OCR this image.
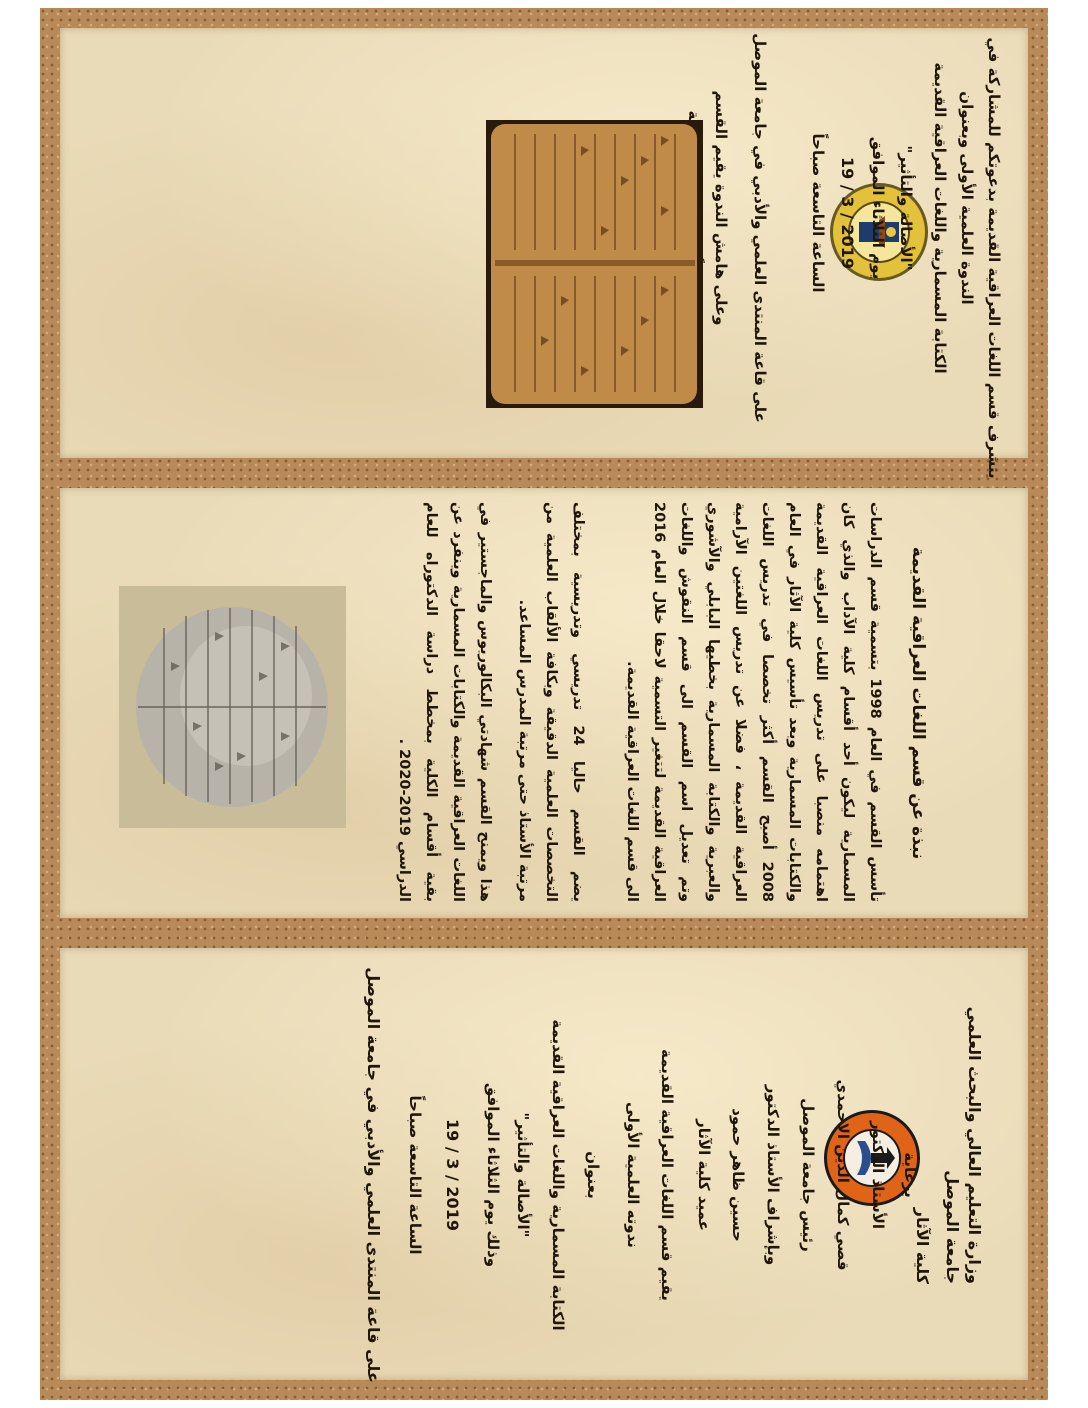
يتشرف قسم اللغات العراقية القديمة بدعوتكم للمشاركة في
الندوة العلمية الأولى وبعنوان
الكتابة المسمارية واللغات العراقية القديمة
"الأصالة والتأثير"
يوم الثلاثاء الموافق
2019 / 3 / 19
الساعة التاسعة صباحاً
على قاعة المنتدى العلمي والأدبي في جامعة الموصل
وعلى هامش الندوة يقيم القسم
نبذة عن قسم اللغات العراقية القديمة
تأسس القسم في العام 1998 بتسمية قسم الدراسات المسمارية ليكون أحد أقسام كلية الآداب والذي كان اهتمامه منصبا على تدريس اللغات العراقية القديمة والكتابات المسمارية وبعد تأسيس كلية الآثار في العام 2008 أصبح القسم أكثر تخصصا في تدريس اللغات العراقية القديمة ، فضلا عن تدريس اللغتين الآرامية والعبرية والكتابة المسمارية بخطيها البابلي والآشوري وتم تعديل اسم القسم الى قسم النقوش واللغات العراقية القديمة لتتغير التسمية لاحقا خلال العام 2016 الى قسم اللغات العراقية القديمة.
يضم القسم حاليا 24 تدريسي وتدريسية بمختلف التخصصات العلمية الدقيقة وبكافة الألقاب العلمية من مرتبة الأستاذ حتى مرتبة المدرس المساعد.
هذا ويمنح القسم شهادتي البكالوريوس والماجستير في اللغات العراقية القديمة والكتابات المسمارية وينفرد عن بقية أقسام الكلية بمخطط دراسة الدكتوراه للعام الدراسي 2019-2020 .
وزارة التعليم العالي والبحث العلمي
جامعة الموصل
كلية الآثار
برعاية
الأستاذ الدكتور
قصي كمال الدين الاحمدي
رئيس جامعة الموصل
وبإشراف الأستاذ الدكتور
حسين ظاهر حمود
عميد كلية الآثار
يقيم قسم اللغات العراقية القديمة
ندوته العلمية الأولى
بعنوان
الكتابة المسمارية واللغات العراقية القديمة
"الأصالة والتأثير"
وذلك يوم الثلاثاء الموافق
2019 / 3 / 19
الساعة التاسعة صباحاً
على قاعة المنتدى العلمي والأدبي في جامعة الموصل
